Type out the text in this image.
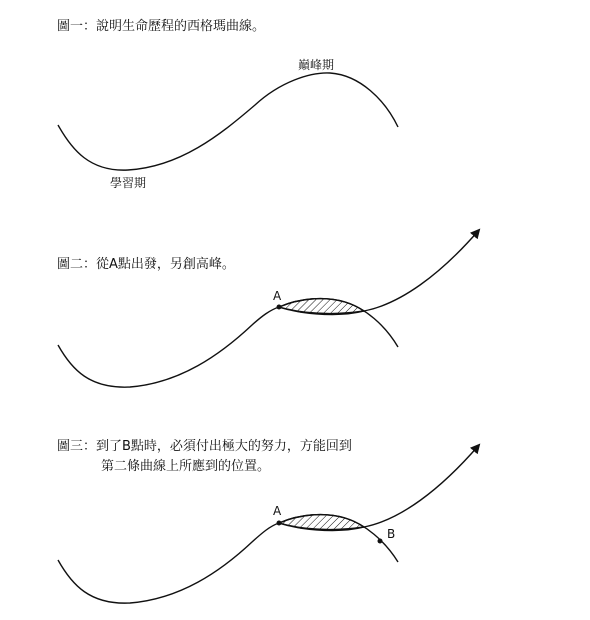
圖一：說明生命歷程的西格瑪曲線。
圖二：從A點出發，另創高峰。
圖三：到了B點時，必須付出極大的努力，方能回到
第二條曲線上所應到的位置。
巔峰期
學習期
A
A
B
